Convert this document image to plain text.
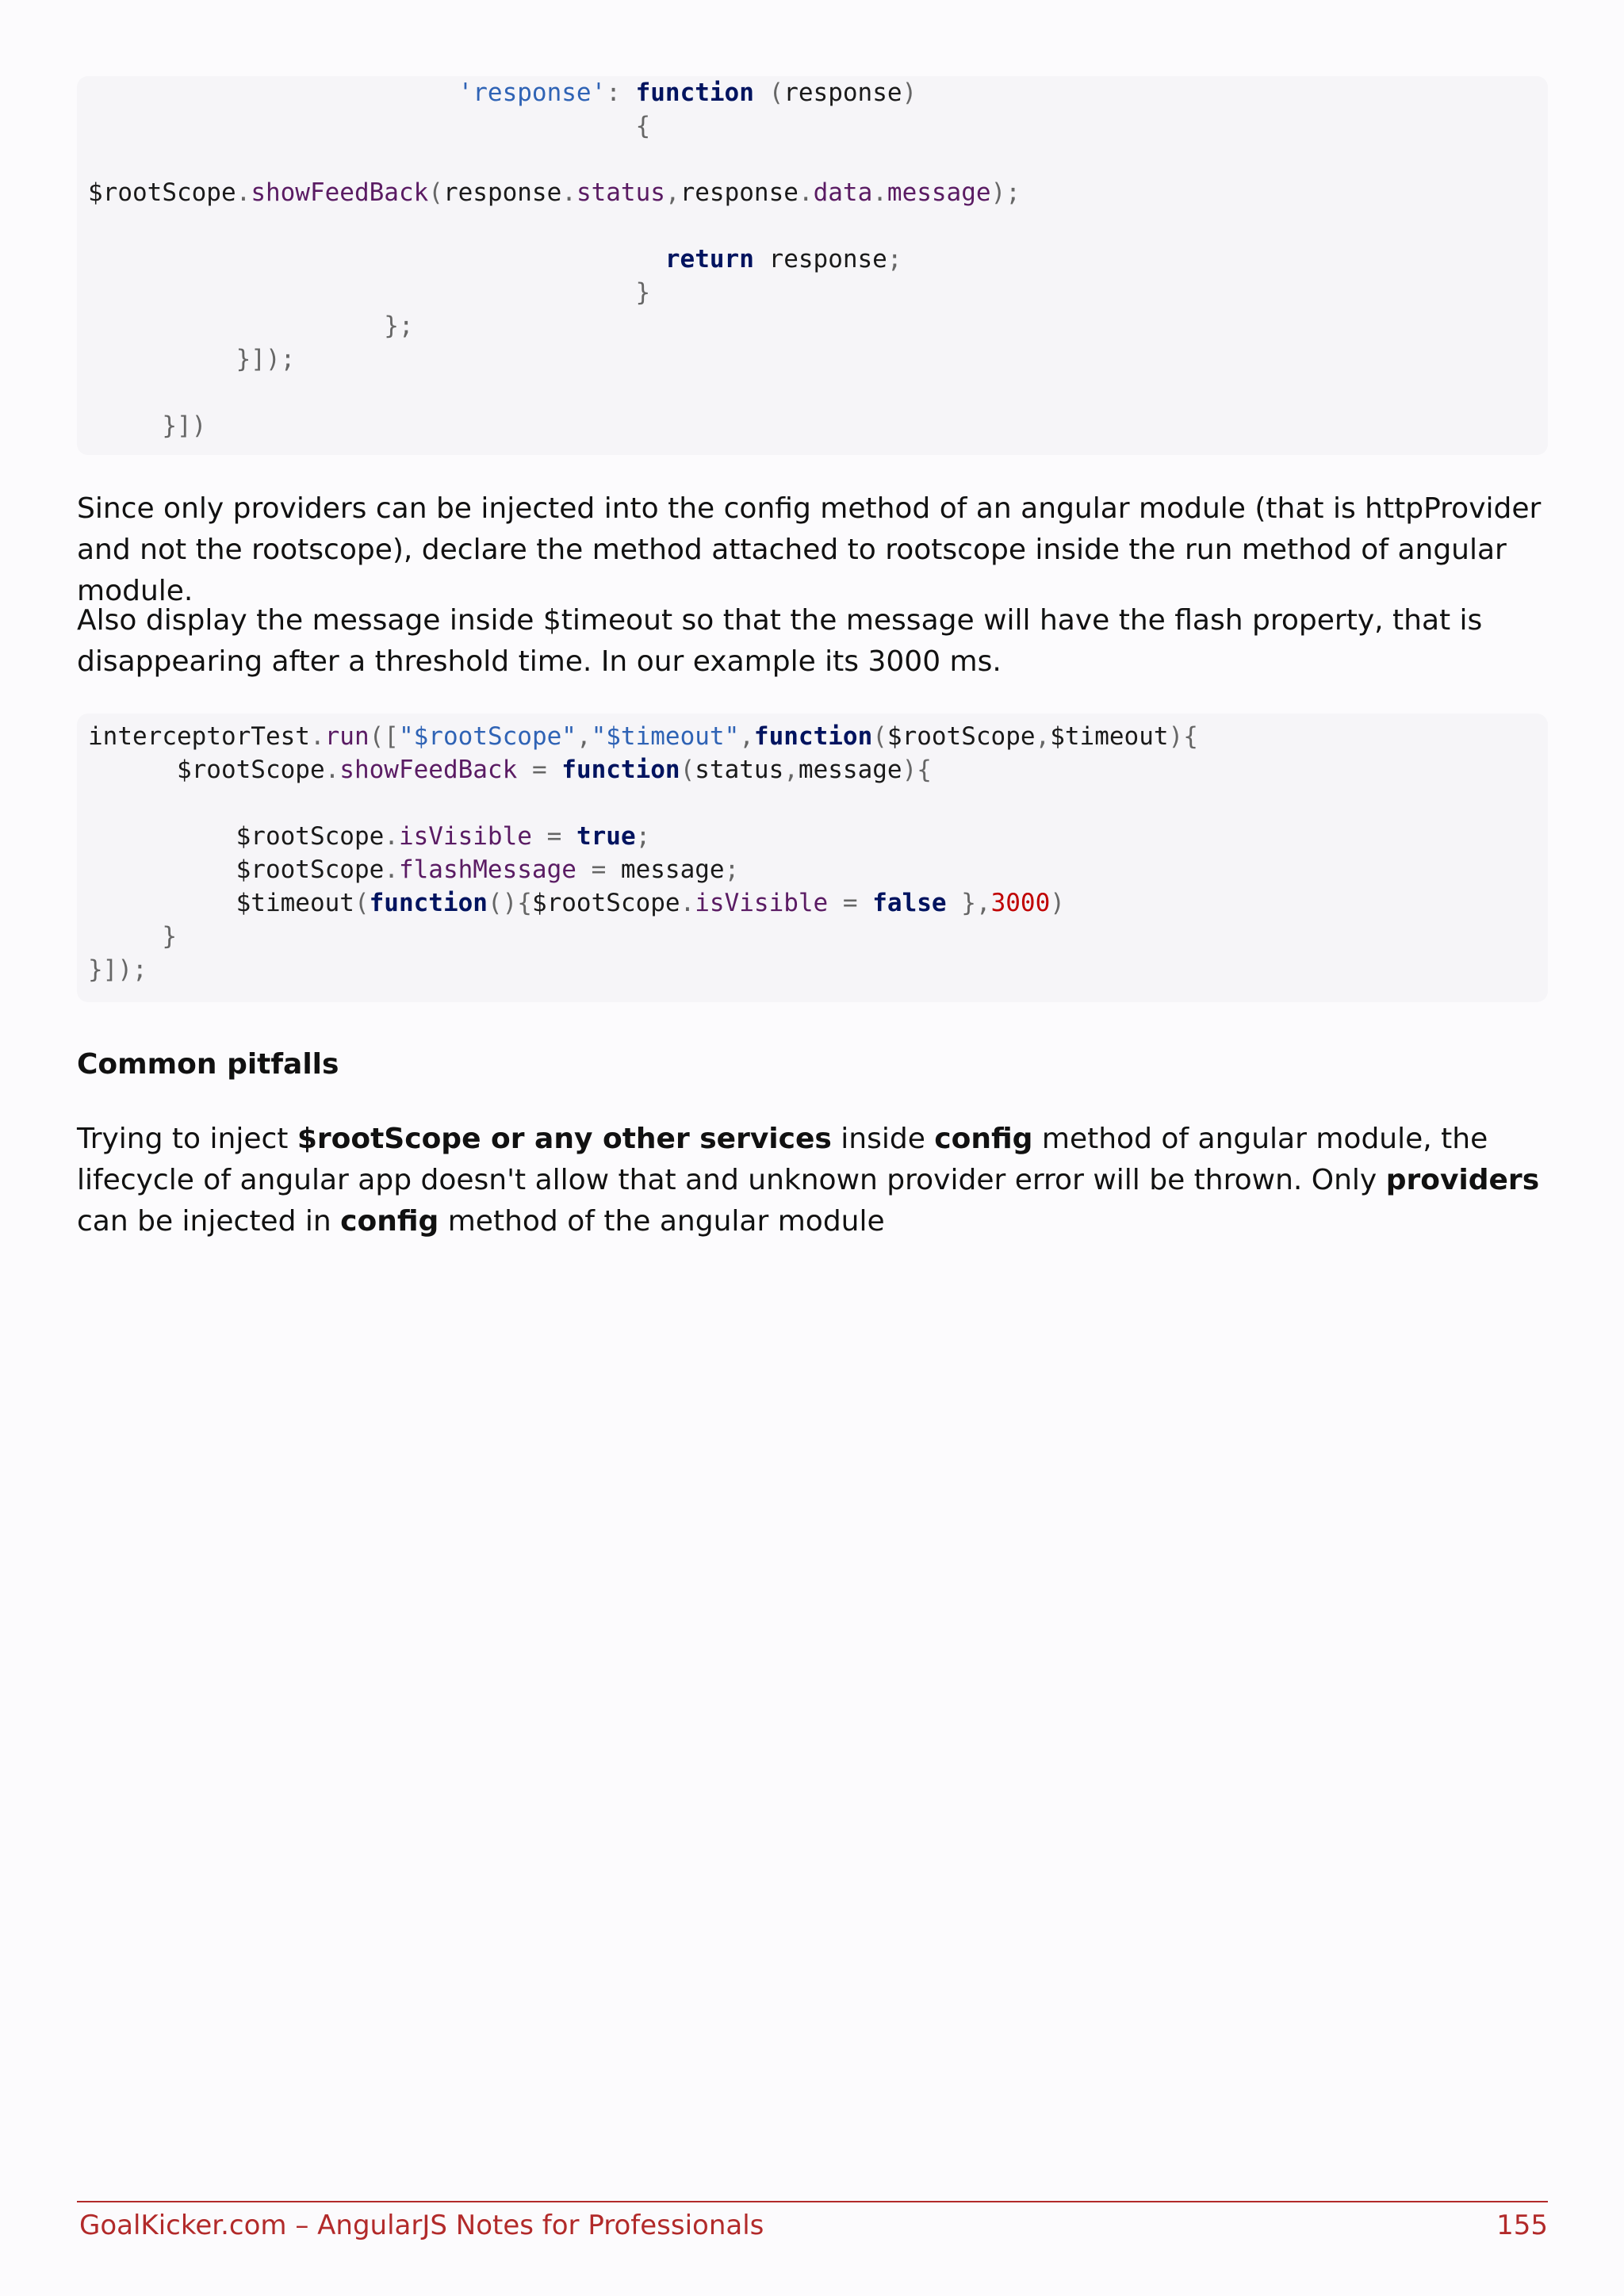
'response': function (response)
{
$rootScope.showFeedBack(response.status,response.data.message);
return response;
}
};
}]);
}])

Since only providers can be injected into the config method of an angular module (that is httpProvider and not the rootscope), declare the method attached to rootscope inside the run method of angular module.

Also display the message inside $timeout so that the message will have the flash property, that is disappearing after a threshold time. In our example its 3000 ms.

interceptorTest.run(["$rootScope","$timeout",function($rootScope,$timeout){
$rootScope.showFeedBack = function(status,message){
$rootScope.isVisible = true;
$rootScope.flashMessage = message;
$timeout(function(){$rootScope.isVisible = false },3000)
}
}]);

Common pitfalls

Trying to inject $rootScope or any other services inside config method of angular module, the lifecycle of angular app doesn't allow that and unknown provider error will be thrown. Only providers can be injected in config method of the angular module

GoalKicker.com – AngularJS Notes for Professionals	155
